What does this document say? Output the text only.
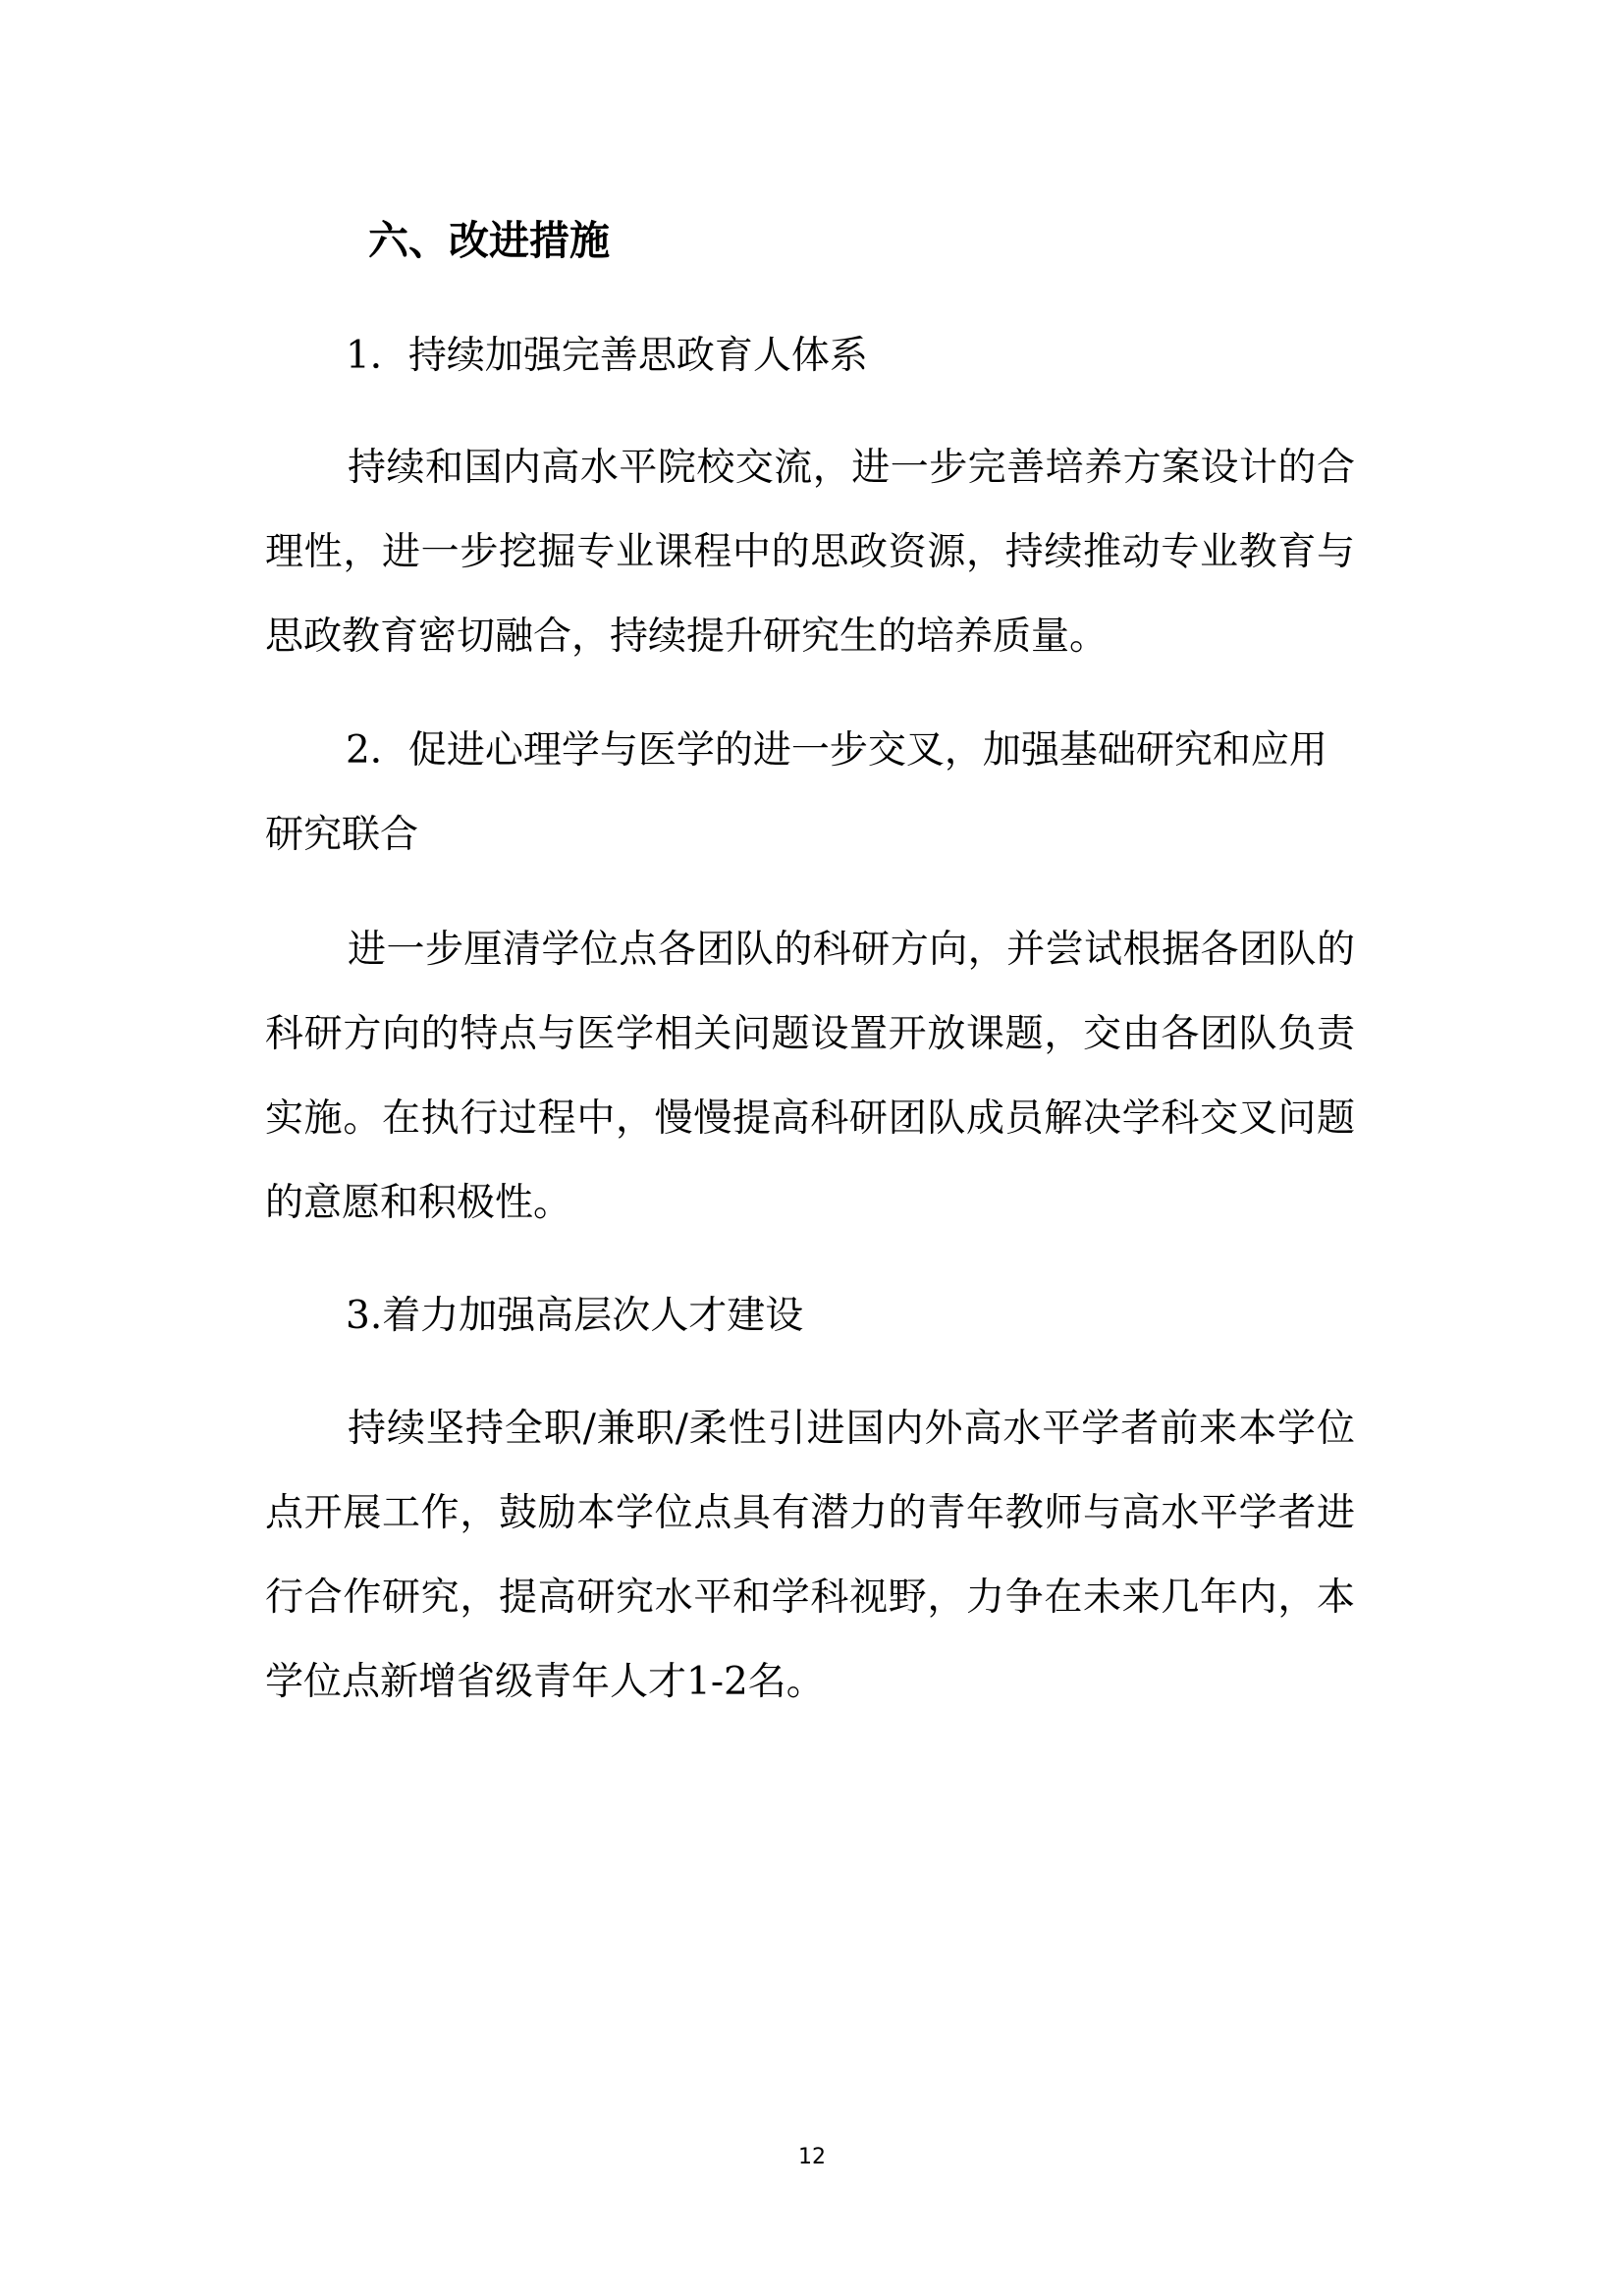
六、改进措施

1．持续加强完善思政育人体系

持续和国内高水平院校交流，进一步完善培养方案设计的合理性，进一步挖掘专业课程中的思政资源，持续推动专业教育与思政教育密切融合，持续提升研究生的培养质量。

2．促进心理学与医学的进一步交叉，加强基础研究和应用研究联合

进一步厘清学位点各团队的科研方向，并尝试根据各团队的科研方向的特点与医学相关问题设置开放课题，交由各团队负责实施。在执行过程中，慢慢提高科研团队成员解决学科交叉问题的意愿和积极性。

3.着力加强高层次人才建设

持续坚持全职/兼职/柔性引进国内外高水平学者前来本学位点开展工作，鼓励本学位点具有潜力的青年教师与高水平学者进行合作研究，提高研究水平和学科视野，力争在未来几年内，本学位点新增省级青年人才1-2名。

12
